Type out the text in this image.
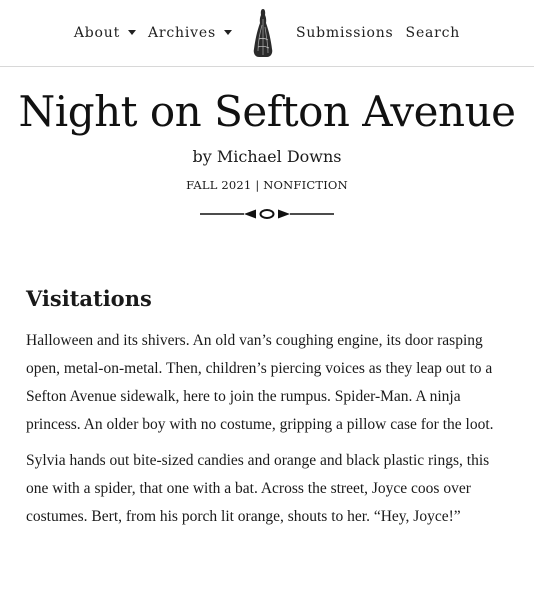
About Archives	Submissions Search
Night on Sefton Avenue
by Michael Downs
FALL 2021 | NONFICTION
Visitations

Halloween and its shivers. An old van’s coughing engine, its door rasping open, metal-on-metal. Then, children’s piercing voices as they leap out to a Sefton Avenue sidewalk, here to join the rumpus. Spider-Man. A ninja princess. An older boy with no costume, gripping a pillow case for the loot.

Sylvia hands out bite-sized candies and orange and black plastic rings, this one with a spider, that one with a bat. Across the street, Joyce coos over costumes. Bert, from his porch lit orange, shouts to her. “Hey, Joyce!”
